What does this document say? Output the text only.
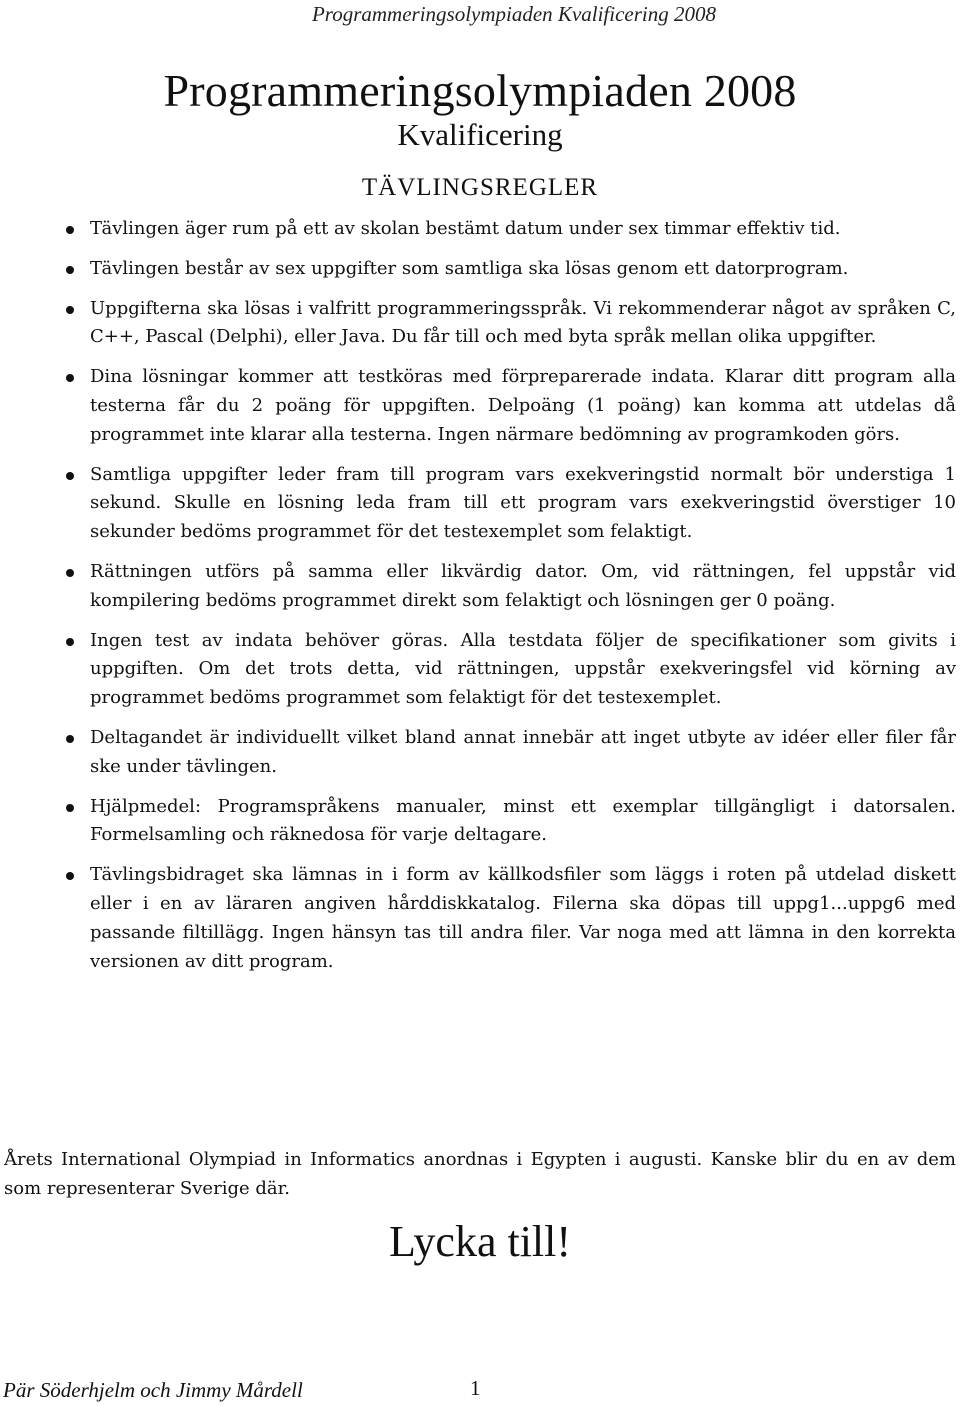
Programmeringsolympiaden Kvalificering 2008
Programmeringsolympiaden 2008
Kvalificering
TÄVLINGSREGLER
Tävlingen äger rum på ett av skolan bestämt datum under sex timmar effektiv tid.
Tävlingen består av sex uppgifter som samtliga ska lösas genom ett datorprogram.
Uppgifterna ska lösas i valfritt programmeringsspråk. Vi rekommenderar något av språken C, C++, Pascal (Delphi), eller Java. Du får till och med byta språk mellan olika uppgifter.
Dina lösningar kommer att testköras med förpreparerade indata. Klarar ditt program alla testerna får du 2 poäng för uppgiften. Delpoäng (1 poäng) kan komma att utdelas då programmet inte klarar alla testerna. Ingen närmare bedömning av programkoden görs.
Samtliga uppgifter leder fram till program vars exekveringstid normalt bör understiga 1 sekund. Skulle en lösning leda fram till ett program vars exekveringstid överstiger 10 sekunder bedöms programmet för det testexemplet som felaktigt.
Rättningen utförs på samma eller likvärdig dator. Om, vid rättningen, fel uppstår vid kompilering bedöms programmet direkt som felaktigt och lösningen ger 0 poäng.
Ingen test av indata behöver göras. Alla testdata följer de specifikationer som givits i uppgiften. Om det trots detta, vid rättningen, uppstår exekveringsfel vid körning av programmet bedöms programmet som felaktigt för det testexemplet.
Deltagandet är individuellt vilket bland annat innebär att inget utbyte av idéer eller filer får ske under tävlingen.
Hjälpmedel: Programspråkens manualer, minst ett exemplar tillgängligt i datorsalen. Formelsamling och räknedosa för varje deltagare.
Tävlingsbidraget ska lämnas in i form av källkodsfiler som läggs i roten på utdelad diskett eller i en av läraren angiven hårddiskkatalog. Filerna ska döpas till uppg1...uppg6 med passande filtillägg. Ingen hänsyn tas till andra filer. Var noga med att lämna in den korrekta versionen av ditt program.
Årets International Olympiad in Informatics anordnas i Egypten i augusti. Kanske blir du en av dem som representerar Sverige där.
Lycka till!
Pär Söderhjelm och Jimmy Mårdell	1
